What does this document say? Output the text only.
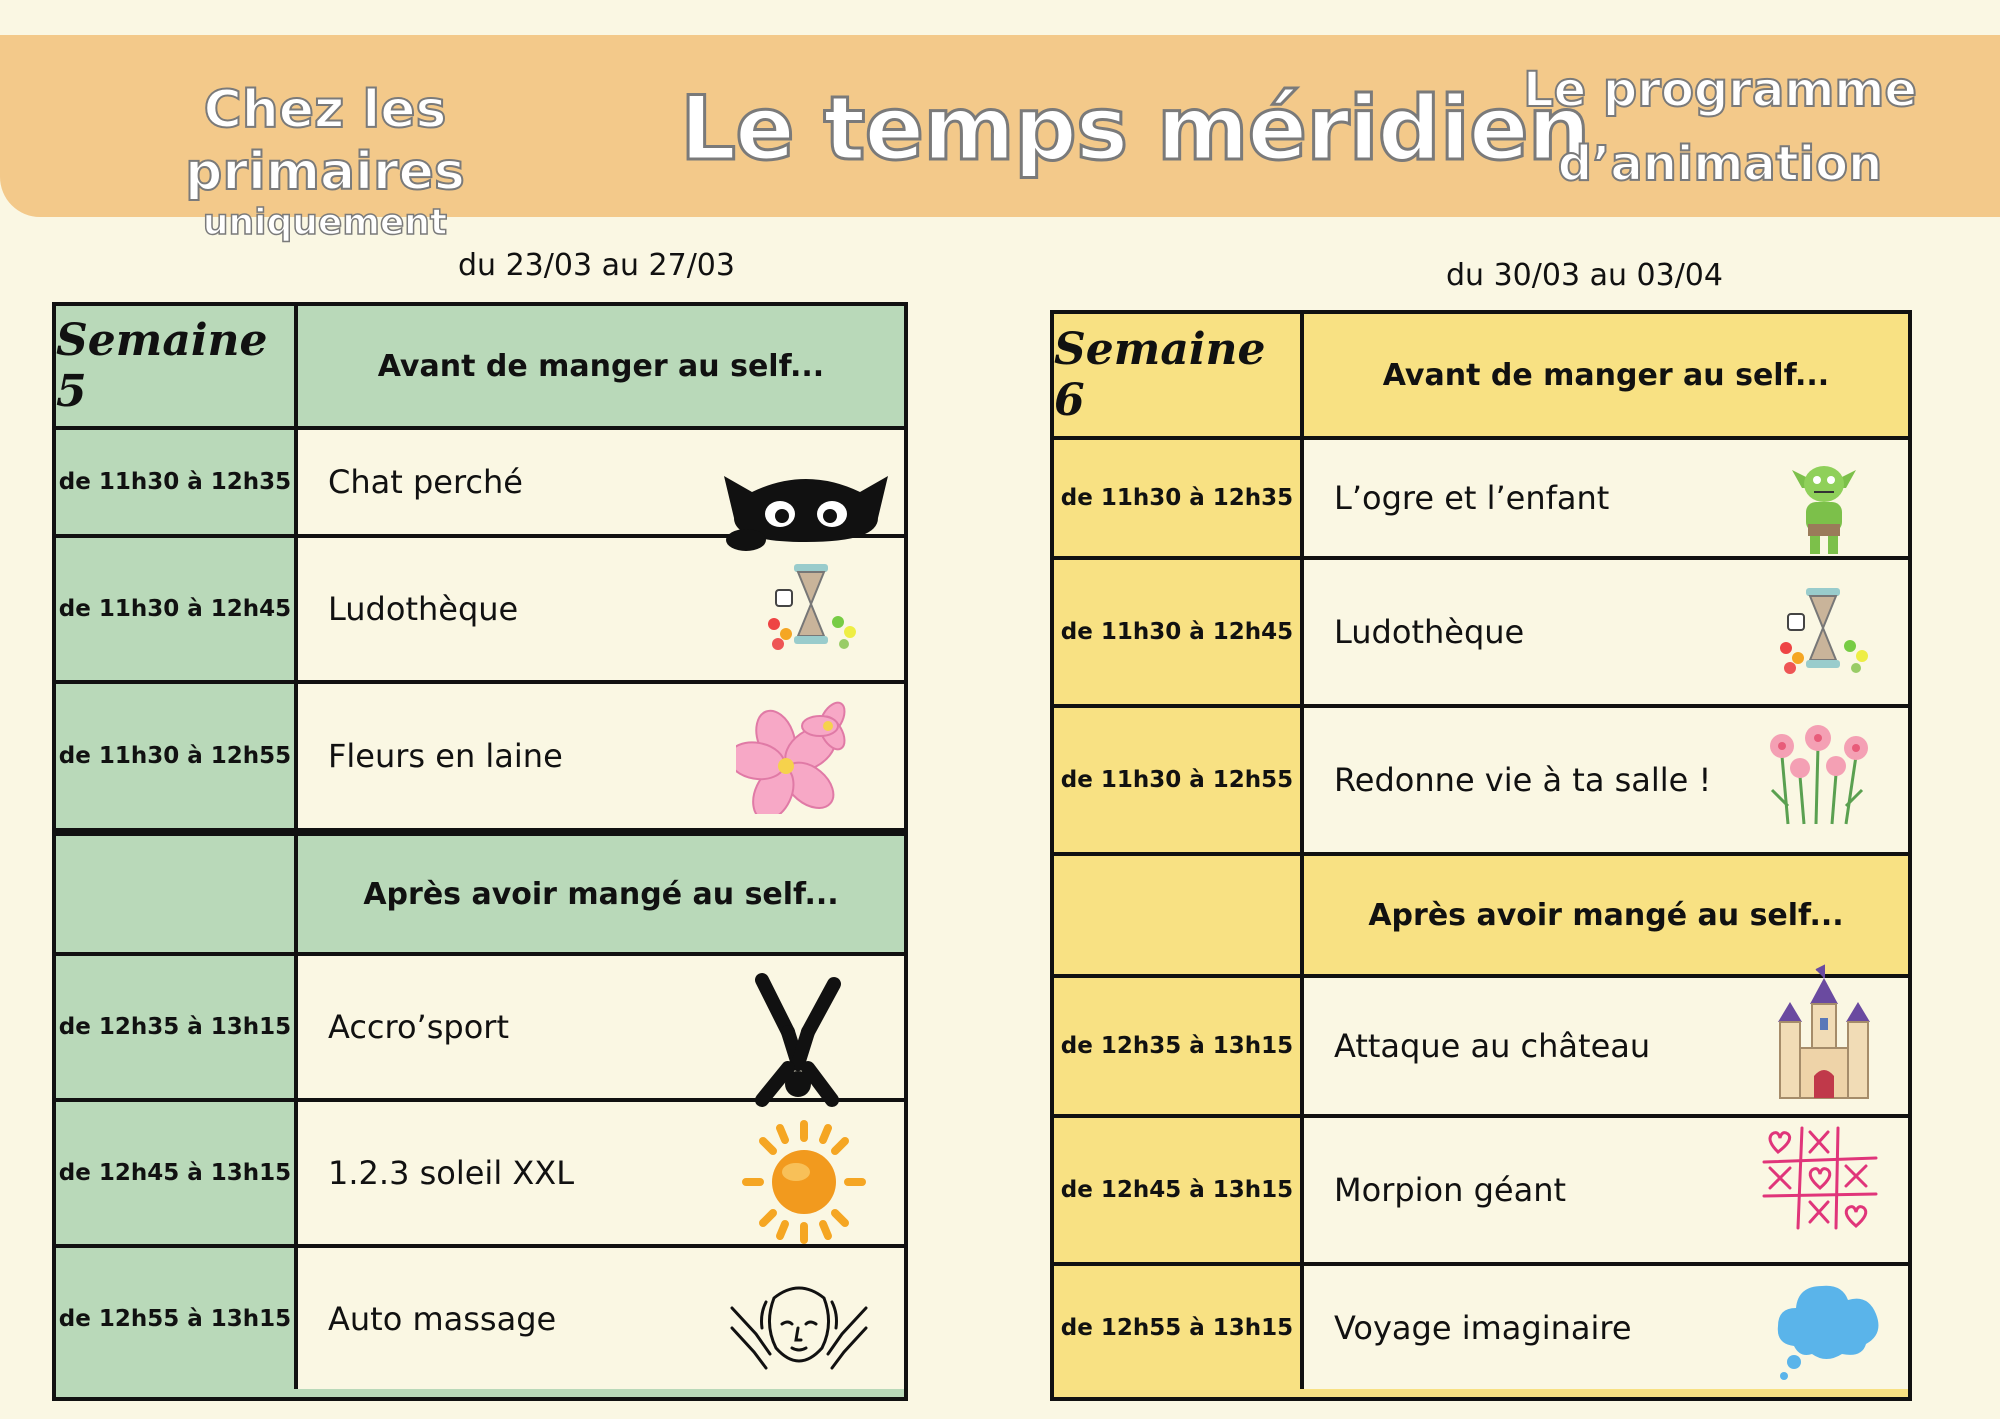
Chez les primaires
uniquement
Le temps méridien
Le programme
d’animation
du 23/03 au 27/03
Semaine 5	Avant de manger au self...
de 11h30 à 12h35	Chat perché
de 11h30 à 12h45	Ludothèque
de 11h30 à 12h55	Fleurs en laine
Après avoir mangé au self...
de 12h35 à 13h15	Accro’sport
de 12h45 à 13h15	1.2.3 soleil XXL
de 12h55 à 13h15	Auto massage
du 30/03 au 03/04
Semaine 6	Avant de manger au self...
de 11h30 à 12h35	L’ogre et l’enfant
de 11h30 à 12h45	Ludothèque
de 11h30 à 12h55	Redonne vie à ta salle !
Après avoir mangé au self...
de 12h35 à 13h15	Attaque au château
de 12h45 à 13h15	Morpion géant
de 12h55 à 13h15	Voyage imaginaire
